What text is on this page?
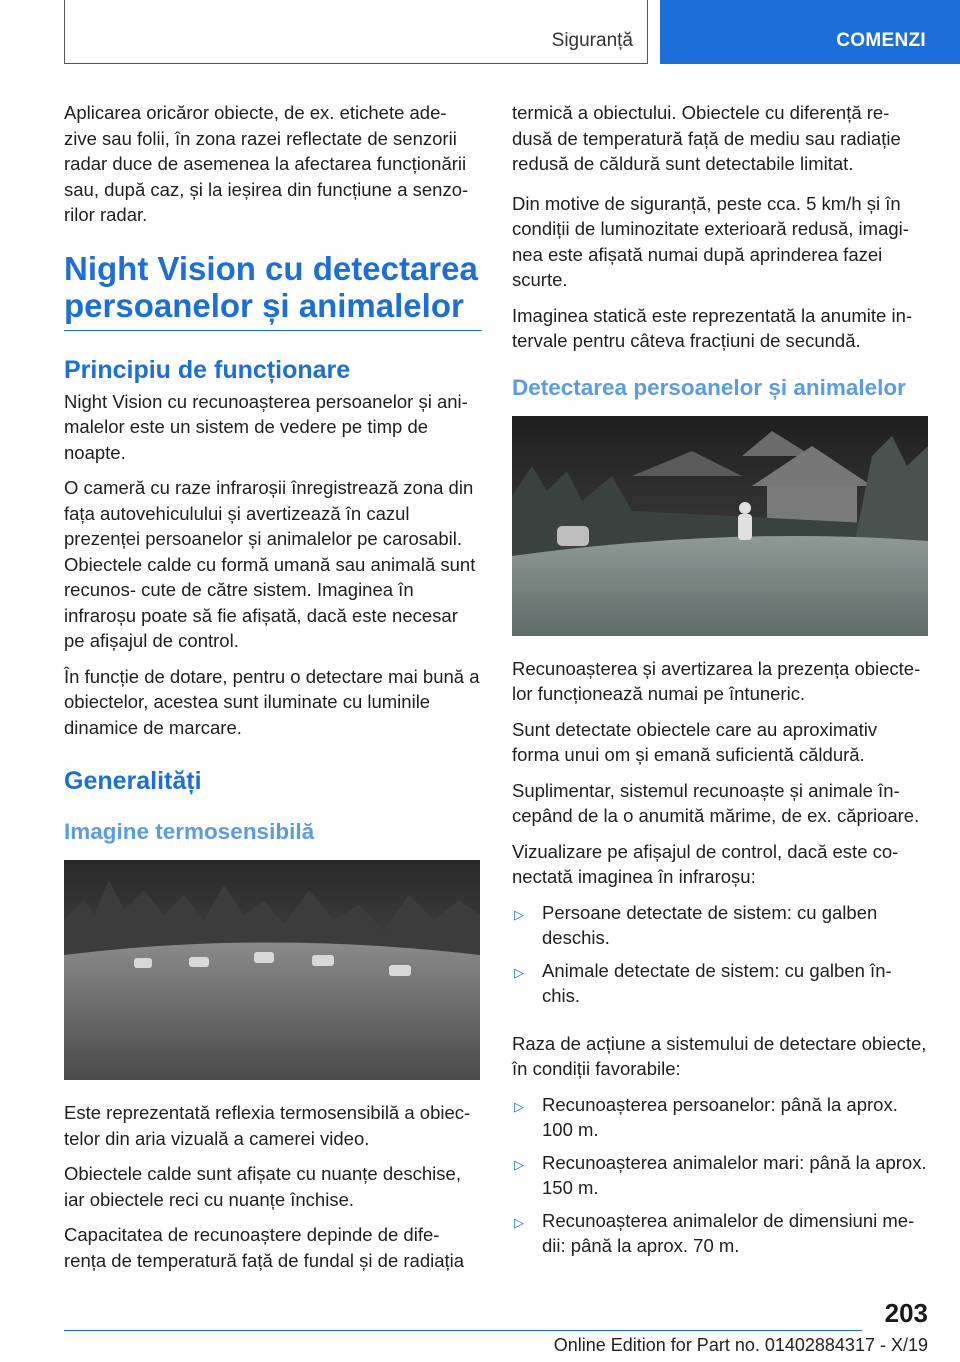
Siguranță	COMENZI

Aplicarea oricăror obiecte, de ex. etichete ade‐ zive sau folii, în zona razei reflectate de senzorii radar duce de asemenea la afectarea funcționării sau, după caz, și la ieșirea din funcțiune a senzo‐ rilor radar.

Night Vision cu detectarea persoanelor și animalelor
Principiu de funcționare

Night Vision cu recunoașterea persoanelor și ani‐ malelor este un sistem de vedere pe timp de noapte.

O cameră cu raze infraroșii înregistrează zona din fața autovehiculului și avertizează în cazul prezenței persoanelor și animalelor pe carosabil. Obiectele calde cu formă umană sau animală sunt recunos‐ cute de către sistem. Imaginea în infraroșu poate să fie afișată, dacă este necesar pe afișajul de control.

În funcție de dotare, pentru o detectare mai bună a obiectelor, acestea sunt iluminate cu luminile dinamice de marcare.

Generalități
Imagine termosensibilă

Este reprezentată reflexia termosensibilă a obiec‐ telor din aria vizuală a camerei video.

Obiectele calde sunt afișate cu nuanțe deschise, iar obiectele reci cu nuanțe închise.

Capacitatea de recunoaștere depinde de dife‐ rența de temperatură față de fundal și de radiația

termică a obiectului. Obiectele cu diferență re‐ dusă de temperatură față de mediu sau radiație redusă de căldură sunt detectabile limitat.

Din motive de siguranță, peste cca. 5 km/h și în condiții de luminozitate exterioară redusă, imagi‐ nea este afișată numai după aprinderea fazei scurte.

Imaginea statică este reprezentată la anumite in‐ tervale pentru câteva fracțiuni de secundă.

Detectarea persoanelor și animalelor

Recunoașterea și avertizarea la prezența obiecte‐ lor funcționează numai pe întuneric.

Sunt detectate obiectele care au aproximativ forma unui om și emană suficientă căldură.

Suplimentar, sistemul recunoaște și animale în‐ cepând de la o anumită mărime, de ex. căprioare.

Vizualizare pe afișajul de control, dacă este co‐ nectată imaginea în infraroșu:

▷ Persoane detectate de sistem: cu galben deschis.
▷ Animale detectate de sistem: cu galben în‐ chis.

Raza de acțiune a sistemului de detectare obiecte, în condiții favorabile:

▷ Recunoașterea persoanelor: până la aprox. 100 m.
▷ Recunoașterea animalelor mari: până la aprox. 150 m.
▷ Recunoașterea animalelor de dimensiuni me‐ dii: până la aprox. 70 m.
203
Online Edition for Part no. 01402884317 - X/19
